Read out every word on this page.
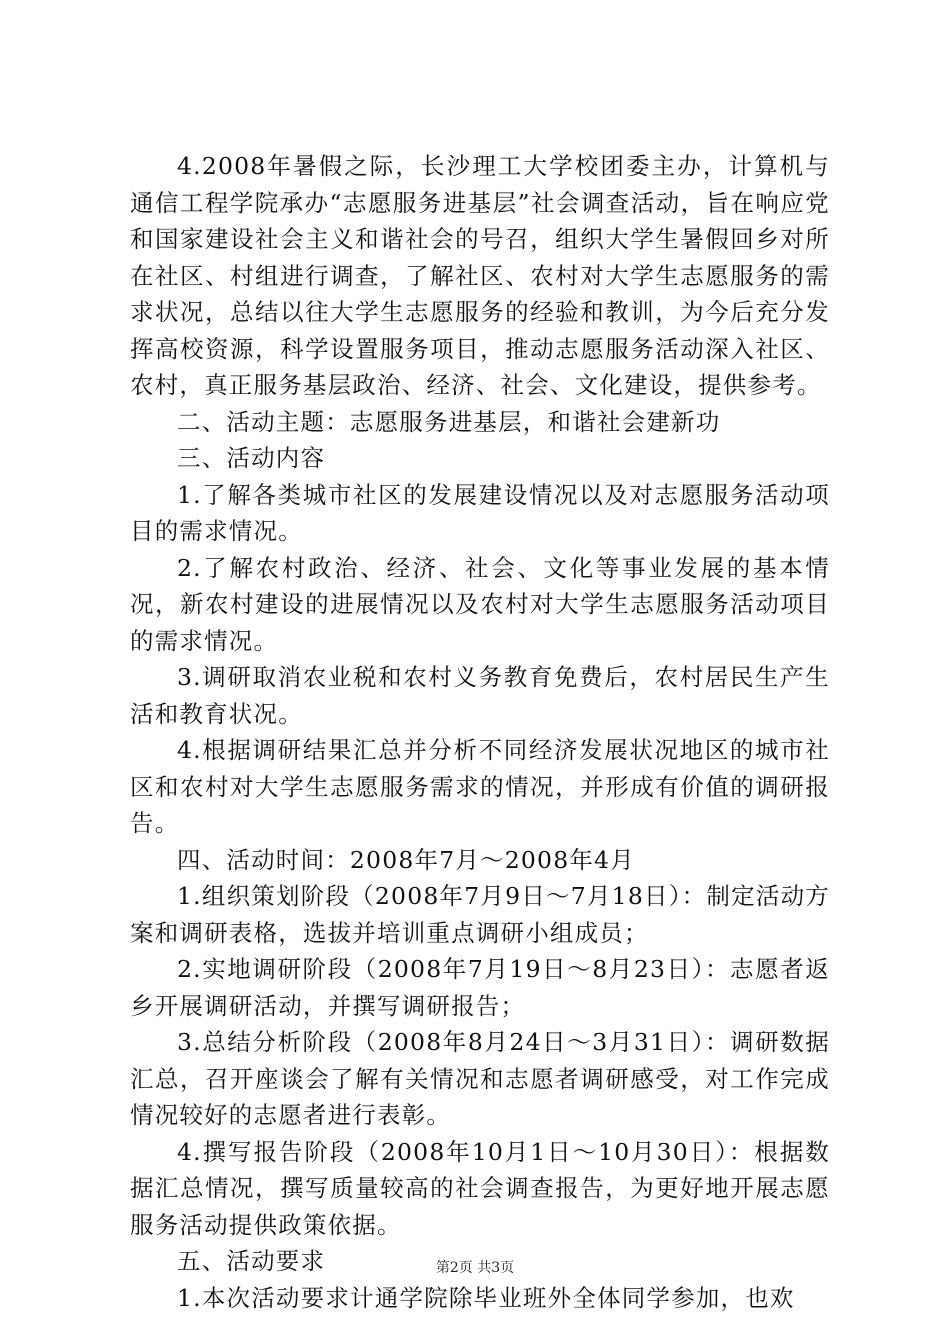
4.2008年暑假之际，长沙理工大学校团委主办，计算机与通信工程学院承办“志愿服务进基层”社会调查活动，旨在响应党和国家建设社会主义和谐社会的号召，组织大学生暑假回乡对所在社区、村组进行调查，了解社区、农村对大学生志愿服务的需求状况，总结以往大学生志愿服务的经验和教训，为今后充分发挥高校资源，科学设置服务项目，推动志愿服务活动深入社区、农村，真正服务基层政治、经济、社会、文化建设，提供参考。

二、活动主题：志愿服务进基层，和谐社会建新功

三、活动内容

1.了解各类城市社区的发展建设情况以及对志愿服务活动项目的需求情况。

2.了解农村政治、经济、社会、文化等事业发展的基本情况，新农村建设的进展情况以及农村对大学生志愿服务活动项目的需求情况。

3.调研取消农业税和农村义务教育免费后，农村居民生产生活和教育状况。

4.根据调研结果汇总并分析不同经济发展状况地区的城市社区和农村对大学生志愿服务需求的情况，并形成有价值的调研报告。

四、活动时间：2008年7月～2008年4月

1.组织策划阶段（2008年7月9日～7月18日）：制定活动方案和调研表格，选拔并培训重点调研小组成员；

2.实地调研阶段（2008年7月19日～8月23日）：志愿者返乡开展调研活动，并撰写调研报告；

3.总结分析阶段（2008年8月24日～3月31日）：调研数据汇总，召开座谈会了解有关情况和志愿者调研感受，对工作完成情况较好的志愿者进行表彰。

4.撰写报告阶段（2008年10月1日～10月30日）：根据数据汇总情况，撰写质量较高的社会调查报告，为更好地开展志愿服务活动提供政策依据。

五、活动要求

1.本次活动要求计通学院除毕业班外全体同学参加，也欢

第2页 共3页
